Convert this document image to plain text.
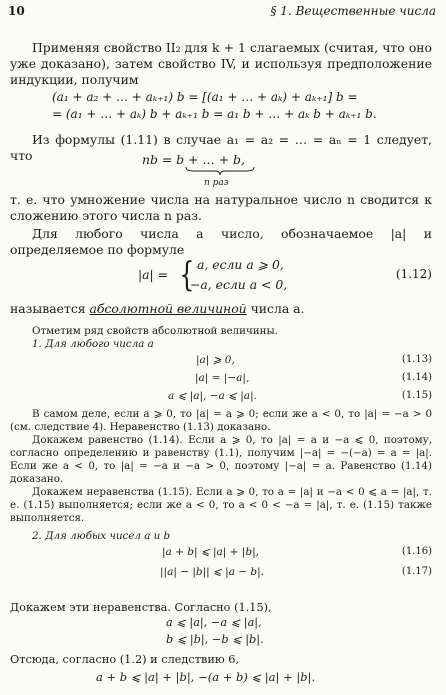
10	§ 1. Вещественные числа
Применяя свойство II₂ для k + 1 слагаемых (считая, что оно уже доказано), затем свойство IV, и используя предположение индукции, получим
(a₁ + a₂ + … + aₖ₊₁) b = [(a₁ + … + aₖ) + aₖ₊₁] b =
= (a₁ + … + aₖ) b + aₖ₊₁ b = a₁ b + … + aₖ b + aₖ₊₁ b.
Из формулы (1.11) в случае a₁ = a₂ = … = aₙ = 1 следует, что	nb = b + … + b,
n раз
т. е. что умножение числа на натуральное число n сводится к сложению этого числа n раз.
Для любого числа a число, обозначаемое |a| и определяемое по формуле
|a| = { a, если a ⩾ 0,
−a, если a < 0,
(1.12)
называется абсолютной величиной числа a.
Отметим ряд свойств абсолютной величины.
1. Для любого числа a
|a| ⩾ 0,	(1.13)
|a| = |−a|,	(1.14)
a ⩽ |a|, −a ⩽ |a|.	(1.15)
В самом деле, если a ⩾ 0, то |a| = a ⩾ 0; если же a < 0, то |a| = −a > 0 (см. следствие 4). Неравенство (1.13) доказано.
Докажем равенство (1.14). Если a ⩾ 0, то |a| = a и −a ⩽ 0, поэтому, согласно определению и равенству (1.1), получим |−a| = −(−a) = a = |a|. Если же a < 0, то |a| = −a и −a > 0, поэтому |−a| = a. Равенство (1.14) доказано.
Докажем неравенства (1.15). Если a ⩾ 0, то a = |a| и −a < 0 ⩽ a = |a|, т. е. (1.15) выполняется; если же a < 0, то a < 0 < −a = |a|, т. е. (1.15) также выполняется.
2. Для любых чисел a и b
|a + b| ⩽ |a| + |b|,	(1.16)
||a| − |b|| ⩽ |a − b|.	(1.17)
Докажем эти неравенства. Согласно (1.15),
a ⩽ |a|, −a ⩽ |a|,
b ⩽ |b|, −b ⩽ |b|.
Отсюда, согласно (1.2) и следствию 6,
a + b ⩽ |a| + |b|, −(a + b) ⩽ |a| + |b|.
